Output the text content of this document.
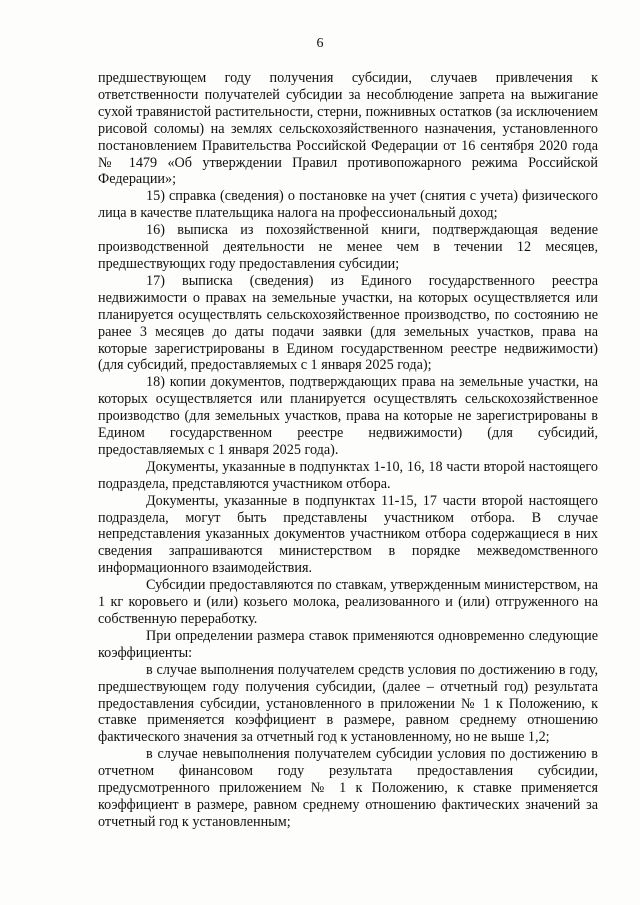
6

предшествующем году получения субсидии, случаев привлечения к ответственности получателей субсидии за несоблюдение запрета на выжигание сухой травянистой растительности, стерни, пожнивных остатков (за исключением рисовой соломы) на землях сельскохозяйственного назначения, установленного постановлением Правительства Российской Федерации от 16 сентября 2020 года № 1479 «Об утверждении Правил противопожарного режима Российской Федерации»;

15) справка (сведения) о постановке на учет (снятия с учета) физического лица в качестве плательщика налога на профессиональный доход;

16) выписка из похозяйственной книги, подтверждающая ведение производственной деятельности не менее чем в течении 12 месяцев, предшествующих году предоставления субсидии;

17) выписка (сведения) из Единого государственного реестра недвижимости о правах на земельные участки, на которых осуществляется или планируется осуществлять сельскохозяйственное производство, по состоянию не ранее 3 месяцев до даты подачи заявки (для земельных участков, права на которые зарегистрированы в Едином государственном реестре недвижимости) (для субсидий, предоставляемых с 1 января 2025 года);

18) копии документов, подтверждающих права на земельные участки, на которых осуществляется или планируется осуществлять сельскохозяйственное производство (для земельных участков, права на которые не зарегистрированы в Едином государственном реестре недвижимости) (для субсидий, предоставляемых с 1 января 2025 года).

Документы, указанные в подпунктах 1-10, 16, 18 части второй настоящего подраздела, представляются участником отбора.

Документы, указанные в подпунктах 11-15, 17 части второй настоящего подраздела, могут быть представлены участником отбора. В случае непредставления указанных документов участником отбора содержащиеся в них сведения запрашиваются министерством в порядке межведомственного информационного взаимодействия.

Субсидии предоставляются по ставкам, утвержденным министерством, на 1 кг коровьего и (или) козьего молока, реализованного и (или) отгруженного на собственную переработку.

При определении размера ставок применяются одновременно следующие коэффициенты:

в случае выполнения получателем средств условия по достижению в году, предшествующем году получения субсидии, (далее – отчетный год) результата предоставления субсидии, установленного в приложении № 1 к Положению, к ставке применяется коэффициент в размере, равном среднему отношению фактического значения за отчетный год к установленному, но не выше 1,2;

в случае невыполнения получателем субсидии условия по достижению в отчетном финансовом году результата предоставления субсидии, предусмотренного приложением № 1 к Положению, к ставке применяется коэффициент в размере, равном среднему отношению фактических значений за отчетный год к установленным;
